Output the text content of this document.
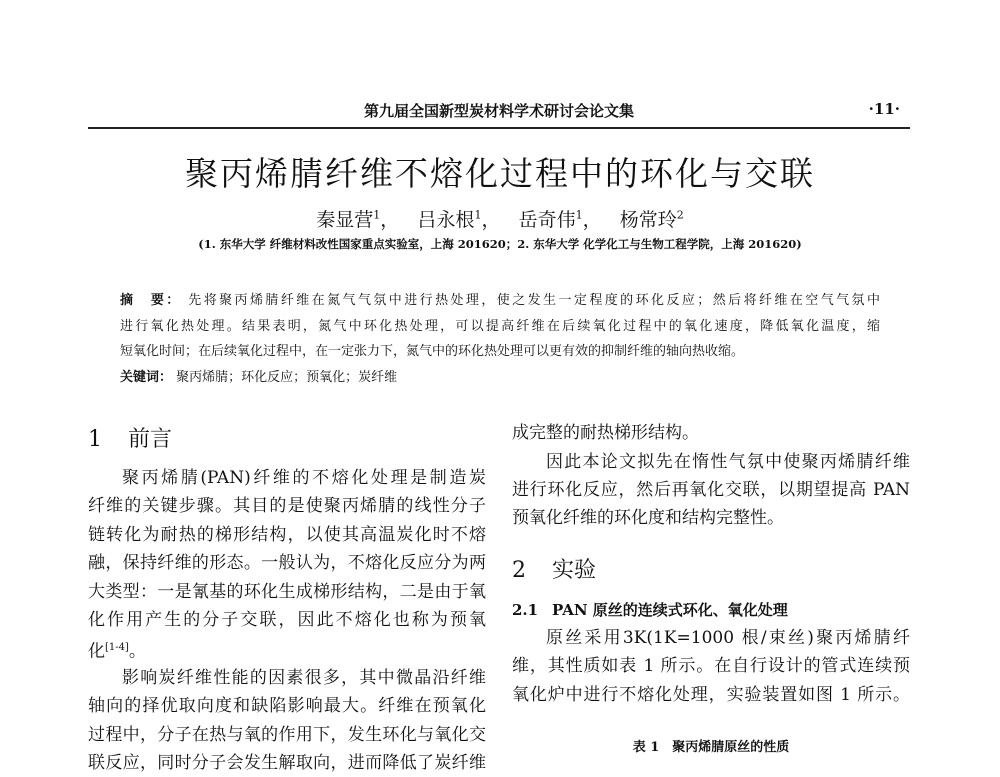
第九届全国新型炭材料学术研讨会论文集	·11·
聚丙烯腈纤维不熔化过程中的环化与交联
秦显营$^1$，   吕永根$^1$，   岳奇伟$^1$，   杨常玲$^2$
(1. 东华大学 纤维材料改性国家重点实验室，上海 201620；2. 东华大学 化学化工与生物工程学院，上海 201620)
摘　要： 先将聚丙烯腈纤维在氮气气氛中进行热处理，使之发生一定程度的环化反应；然后将纤维在空气气氛中
进行氧化热处理。结果表明，氮气中环化热处理，可以提高纤维在后续氧化过程中的氧化速度，降低氧化温度，缩
短氧化时间；在后续氧化过程中，在一定张力下，氮气中的环化热处理可以更有效的抑制纤维的轴向热收缩。
关键词： 聚丙烯腈；环化反应；预氧化；炭纤维
1 前言
聚丙烯腈(PAN)纤维的不熔化处理是制造炭
纤维的关键步骤。其目的是使聚丙烯腈的线性分子
链转化为耐热的梯形结构，以使其高温炭化时不熔
融，保持纤维的形态。一般认为，不熔化反应分为两
大类型：一是氰基的环化生成梯形结构，二是由于氧
化作用产生的分子交联，因此不熔化也称为预氧
化[1-4]。
影响炭纤维性能的因素很多，其中微晶沿纤维
轴向的择优取向度和缺陷影响最大。纤维在预氧化
过程中，分子在热与氧的作用下，发生环化与氧化交
联反应，同时分子会发生解取向，进而降低了炭纤维
成完整的耐热梯形结构。
因此本论文拟先在惰性气氛中使聚丙烯腈纤维
进行环化反应，然后再氧化交联，以期望提高 PAN
预氧化纤维的环化度和结构完整性。
2 实验
2.1 PAN 原丝的连续式环化、氧化处理
原丝采用3K(1K=1000 根/束丝)聚丙烯腈纤
维，其性质如表 1 所示。在自行设计的管式连续预
氧化炉中进行不熔化处理，实验装置如图 1 所示。
表 1　聚丙烯腈原丝的性质
